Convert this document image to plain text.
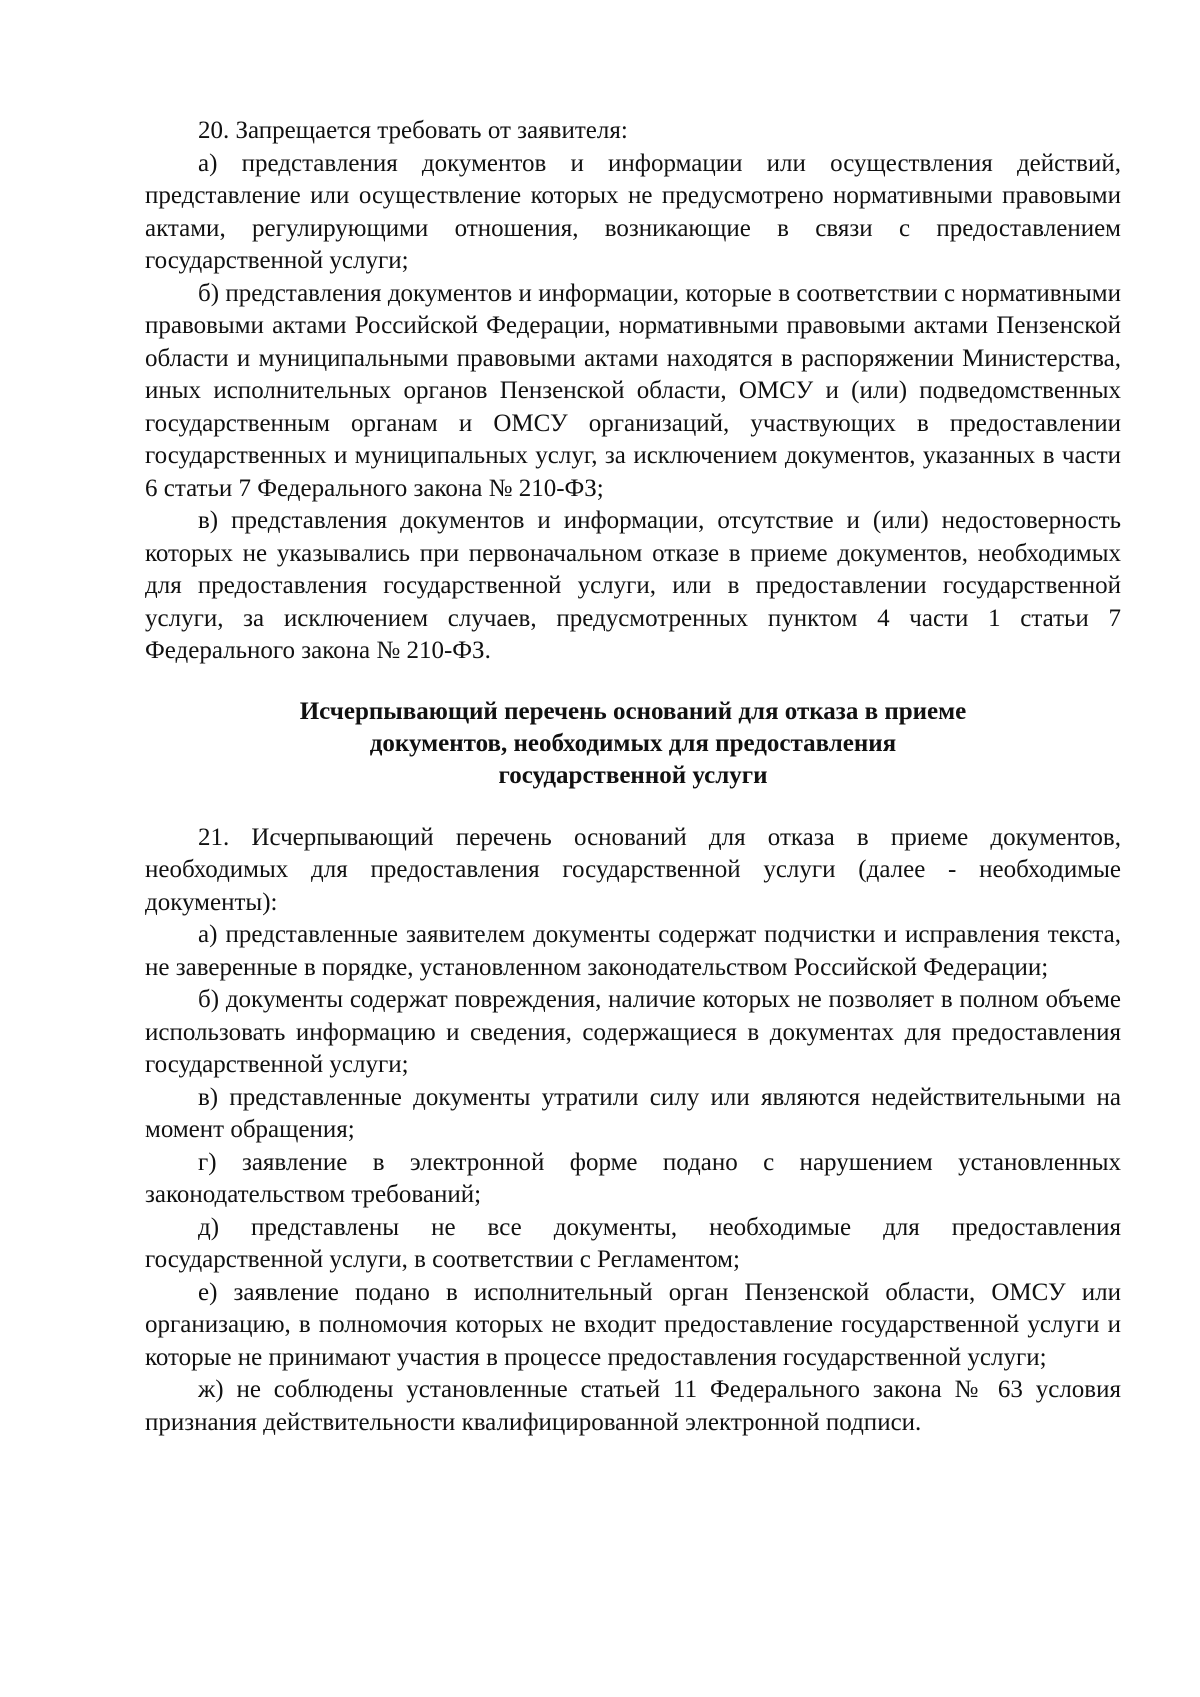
20. Запрещается требовать от заявителя:

а) представления документов и информации или осуществления действий, представление или осуществление которых не предусмотрено нормативными правовыми актами, регулирующими отношения, возникающие в связи с предоставлением государственной услуги;

б) представления документов и информации, которые в соответствии с нормативными правовыми актами Российской Федерации, нормативными правовыми актами Пензенской области и муниципальными правовыми актами находятся в распоряжении Министерства, иных исполнительных органов Пензенской области, ОМСУ и (или) подведомственных государственным органам и ОМСУ организаций, участвующих в предоставлении государственных и муниципальных услуг, за исключением документов, указанных в части 6 статьи 7 Федерального закона № 210-ФЗ;

в) представления документов и информации, отсутствие и (или) недостоверность которых не указывались при первоначальном отказе в приеме документов, необходимых для предоставления государственной услуги, или в предоставлении государственной услуги, за исключением случаев, предусмотренных пунктом 4 части 1 статьи 7 Федерального закона № 210-ФЗ.

Исчерпывающий перечень оснований для отказа в приеме
документов, необходимых для предоставления
государственной услуги

21. Исчерпывающий перечень оснований для отказа в приеме документов, необходимых для предоставления государственной услуги (далее - необходимые документы):

а) представленные заявителем документы содержат подчистки и исправления текста, не заверенные в порядке, установленном законодательством Российской Федерации;

б) документы содержат повреждения, наличие которых не позволяет в полном объеме использовать информацию и сведения, содержащиеся в документах для предоставления государственной услуги;

в) представленные документы утратили силу или являются недействительными на момент обращения;

г) заявление в электронной форме подано с нарушением установленных законодательством требований;

д) представлены не все документы, необходимые для предоставления государственной услуги, в соответствии с Регламентом;

е) заявление подано в исполнительный орган Пензенской области, ОМСУ или организацию, в полномочия которых не входит предоставление государственной услуги и которые не принимают участия в процессе предоставления государственной услуги;

ж) не соблюдены установленные статьей 11 Федерального закона № 63 условия признания действительности квалифицированной электронной подписи.
